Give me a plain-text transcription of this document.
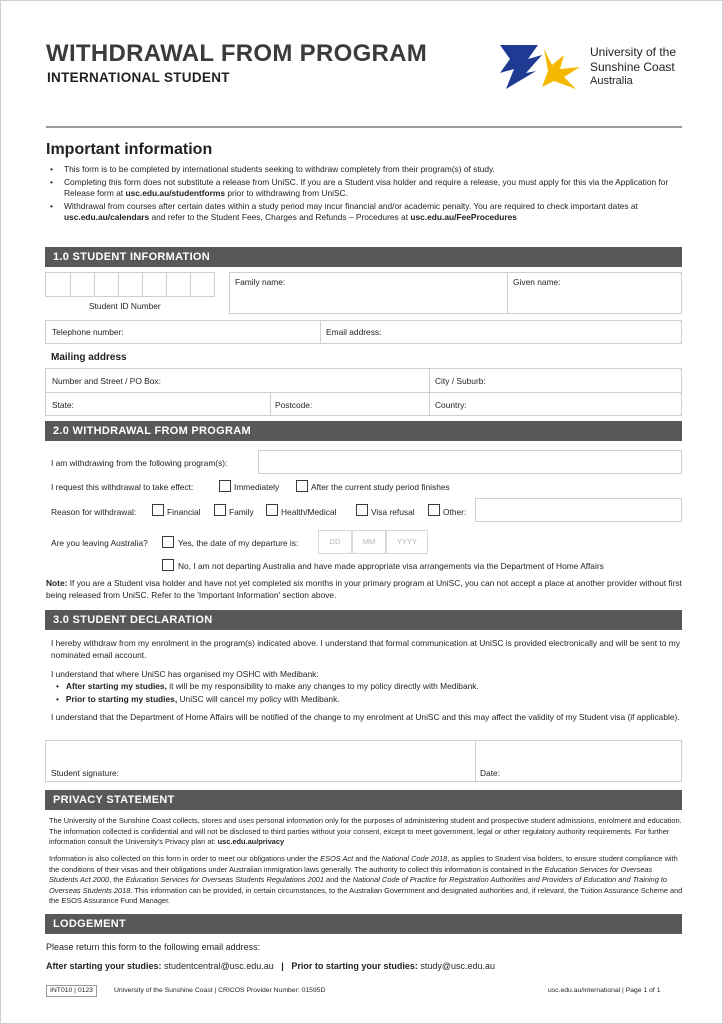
WITHDRAWAL FROM PROGRAM
INTERNATIONAL STUDENT
University of the
Sunshine Coast
Australia
Important information
• This form is to be completed by international students seeking to withdraw completely from their program(s) of study.
• Completing this form does not substitute a release from UniSC. If you are a Student visa holder and require a release, you must apply for this via the Application for Release form at usc.edu.au/studentforms prior to withdrawing from UniSC.
• Withdrawal from courses after certain dates within a study period may incur financial and/or academic penalty. You are required to check important dates at usc.edu.au/calendars and refer to the Student Fees, Charges and Refunds – Procedures at usc.edu.au/FeeProcedures
1.0 STUDENT INFORMATION
Student ID Number
Family name:	Given name:
Telephone number:	Email address:
Mailing address
Number and Street / PO Box:	City / Suburb:
State:	Postcode:	Country:
2.0 WITHDRAWAL FROM PROGRAM
I am withdrawing from the following program(s):
I request this withdrawal to take effect:	Immediately	After the current study period finishes
Reason for withdrawal:	Financial	Family	Health/Medical	Visa refusal	Other:
Are you leaving Australia?	Yes, the date of my departure is:	DD	MM	YYYY
No, I am not departing Australia and have made appropriate visa arrangements via the Department of Home Affairs
Note: If you are a Student visa holder and have not yet completed six months in your primary program at UniSC, you can not accept a place at another provider without first being released from UniSC. Refer to the 'Important Information' section above.
3.0 STUDENT DECLARATION
I hereby withdraw from my enrolment in the program(s) indicated above. I understand that formal communication at UniSC is provided electronically and will be sent to my nominated email account.
I understand that where UniSC has organised my OSHC with Medibank:
•   After starting my studies, it will be my responsibility to make any changes to my policy directly with Medibank.
•   Prior to starting my studies, UniSC will cancel my policy with Medibank.
I understand that the Department of Home Affairs will be notified of the change to my enrolment at UniSC and this may affect the validity of my Student visa (if applicable).
Student signature:	Date:
PRIVACY STATEMENT
The University of the Sunshine Coast collects, stores and uses personal information only for the purposes of administering student and prospective student admissions, enrolment and education. The information collected is confidential and will not be disclosed to third parties without your consent, except to meet government, legal or other regulatory authority requirements. For further information consult the University's Privacy plan at: usc.edu.au/privacy
Information is also collected on this form in order to meet our obligations under the ESOS Act and the National Code 2018, as applies to Student visa holders, to ensure student compliance with the conditions of their visas and their obligations under Australian immigration laws generally. The authority to collect this information is contained in the Education Services for Overseas Students Act 2000, the Education Services for Overseas Students Regulations 2001 and the National Code of Practice for Registration Authorities and Providers of Education and Training to Overseas Students 2018. This information can be provided, in certain circumstances, to the Australian Government and designated authorities and, if relevant, the Tuition Assurance Scheme and the ESOS Assurance Fund Manager.
LODGEMENT
Please return this form to the following email address:
After starting your studies: studentcentral@usc.edu.au | Prior to starting your studies: study@usc.edu.au
INT010 | 0123	University of the Sunshine Coast | CRICOS Provider Number: 01595D	usc.edu.au/international | Page 1 of 1
